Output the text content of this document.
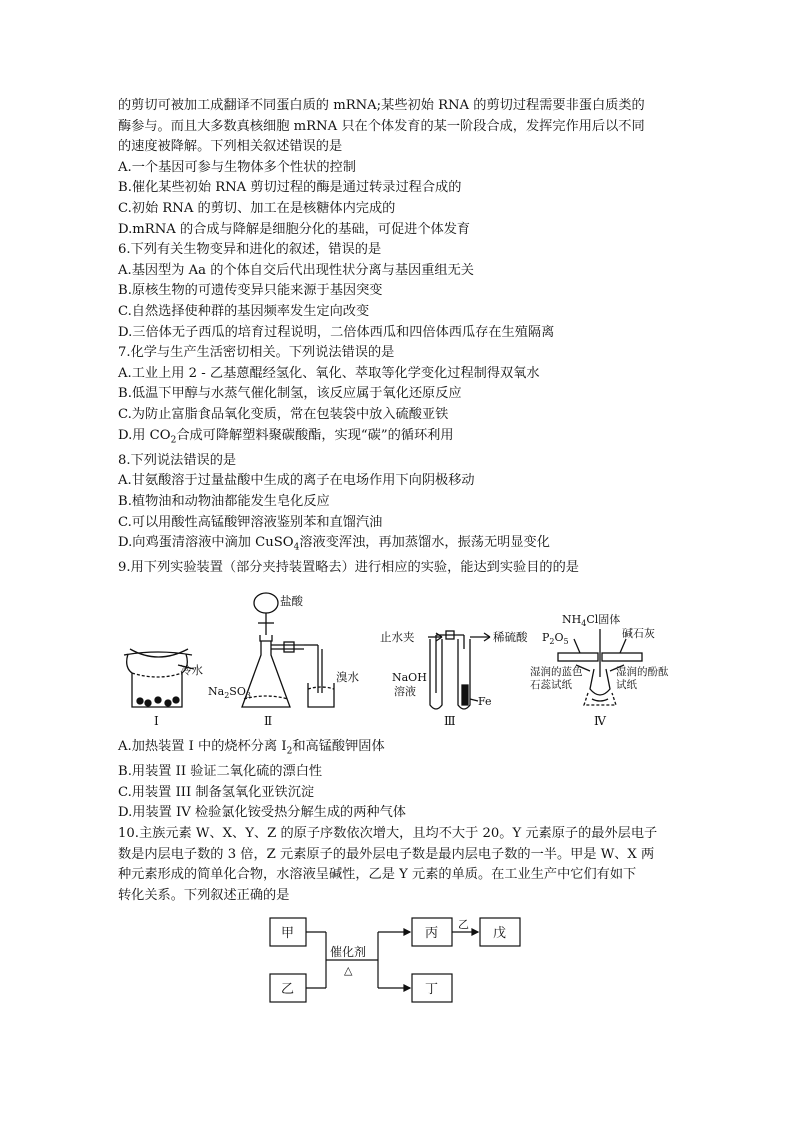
的剪切可被加工成翻译不同蛋白质的 mRNA;某些初始 RNA 的剪切过程需要非蛋白质类的
酶参与。而且大多数真核细胞 mRNA 只在个体发育的某一阶段合成，发挥完作用后以不同
的速度被降解。下列相关叙述错误的是
A.一个基因可参与生物体多个性状的控制
B.催化某些初始 RNA 剪切过程的酶是通过转录过程合成的
C.初始 RNA 的剪切、加工在是核糖体内完成的
D.mRNA 的合成与降解是细胞分化的基础，可促进个体发育
6.下列有关生物变异和进化的叙述，错误的是
A.基因型为 Aa 的个体自交后代出现性状分离与基因重组无关
B.原核生物的可遗传变异只能来源于基因突变
C.自然选择使种群的基因频率发生定向改变
D.三倍体无子西瓜的培育过程说明，二倍体西瓜和四倍体西瓜存在生殖隔离
7.化学与生产生活密切相关。下列说法错误的是
A.工业上用 2 - 乙基蒽醌经氢化、氧化、萃取等化学变化过程制得双氧水
B.低温下甲醇与水蒸气催化制氢，该反应属于氧化还原反应
C.为防止富脂食品氧化变质，常在包装袋中放入硫酸亚铁
D.用 $CO_2$合成可降解塑料聚碳酸酯，实现“碳”的循环利用
8.下列说法错误的是
A.甘氨酸溶于过量盐酸中生成的离子在电场作用下向阴极移动
B.植物油和动物油都能发生皂化反应
C.可以用酸性高锰酸钾溶液鉴别苯和直馏汽油
D.向鸡蛋清溶液中滴加 CuSO$_4$溶液变浑浊，再加蒸馏水，振荡无明显变化
9.用下列实验装置（部分夹持装置略去）进行相应的实验，能达到实验目的的是
冷水
Ⅰ
盐酸
$Na_2SO_3$
溴水
Ⅱ
止水夹	稀硫酸
NaOH
溶液
Fe
Ⅲ
$NH_4Cl$固体
$P_2O_5$
碱石灰
湿润的蓝色
石蕊试纸
湿润的酚酞
试纸
Ⅳ
A.加热装置 I 中的烧杯分离 $I_2$和高锰酸钾固体
B.用装置 II 验证二氧化硫的漂白性
C.用装置 III 制备氢氧化亚铁沉淀
D.用装置 IV 检验氯化铵受热分解生成的两种气体
10.主族元素 W、X、Y、Z 的原子序数依次增大，且均不大于 20。Y 元素原子的最外层电子
数是内层电子数的 3 倍，Z 元素原子的最外层电子数是最内层电子数的一半。甲是 W、X 两
种元素形成的简单化合物，水溶液呈碱性，乙是 Y 元素的单质。在工业生产中它们有如下
转化关系。下列叙述正确的是
甲
乙
催化剂
△
丙
乙
戊
丁
